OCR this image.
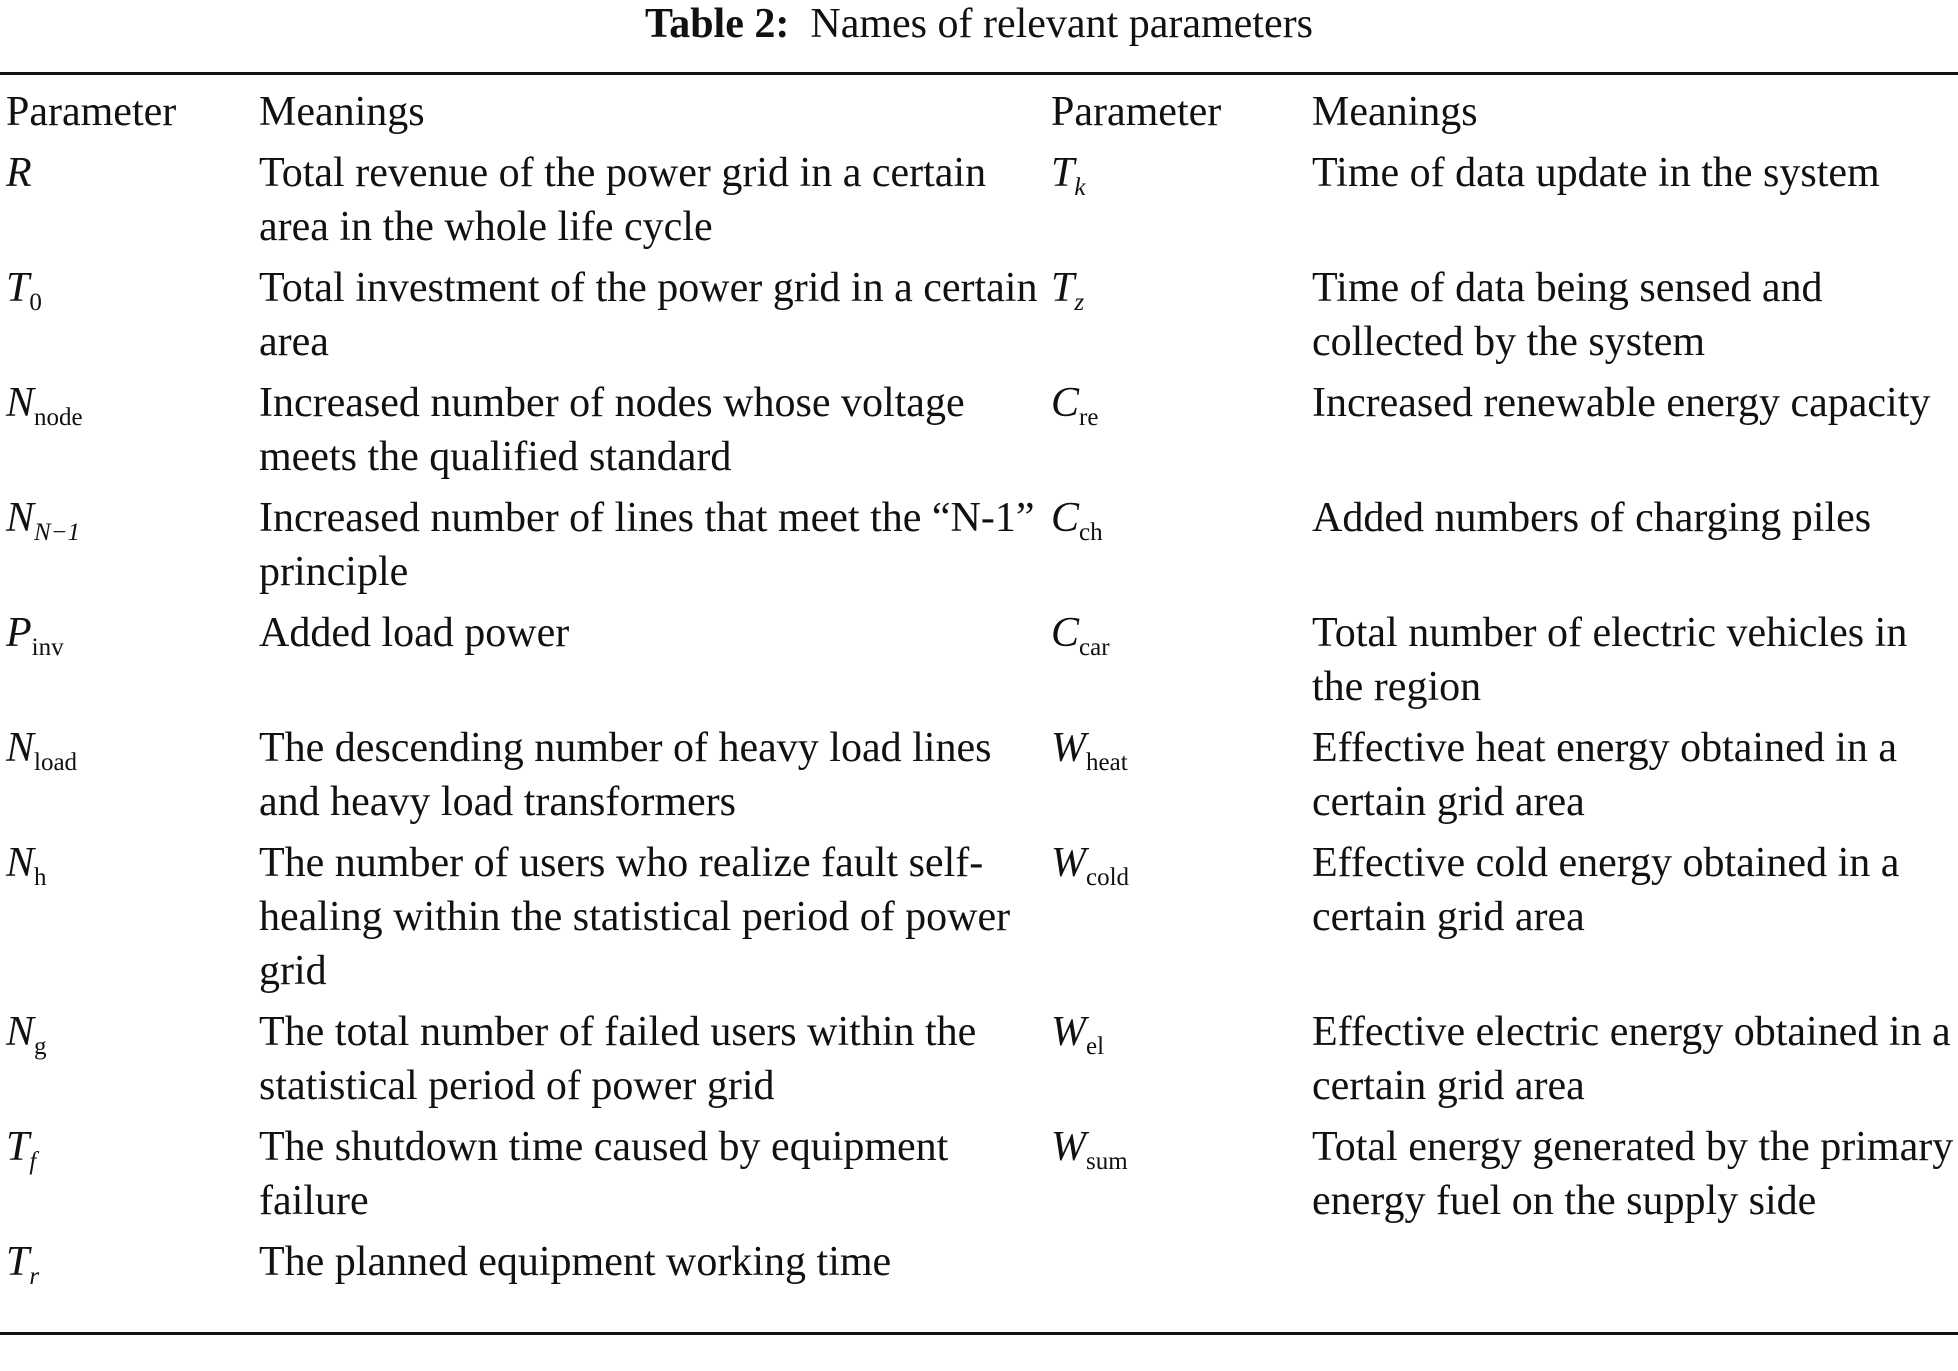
Table 2: Names of relevant parameters
Parameter	Meanings	Parameter	Meanings
R	Total revenue of the power grid in a certain area in the whole life cycle	$T_k$	Time of data update in the system
$T_0$	Total investment of the power grid in a certain area	$T_z$	Time of data being sensed and collected by the system
$N_{node}$	Increased number of nodes whose voltage meets the qualified standard	$C_{re}$	Increased renewable energy capacity
$N_{N-1}$	Increased number of lines that meet the “N-1” principle	$C_{ch}$	Added numbers of charging piles
$P_{inv}$	Added load power	$C_{car}$	Total number of electric vehicles in the region
$N_{load}$	The descending number of heavy load lines and heavy load transformers	$W_{heat}$	Effective heat energy obtained in a certain grid area
$N_h$	The number of users who realize fault self-healing within the statistical period of power grid	$W_{cold}$	Effective cold energy obtained in a certain grid area
$N_g$	The total number of failed users within the statistical period of power grid	$W_{el}$	Effective electric energy obtained in a certain grid area
$T_f$	The shutdown time caused by equipment failure	$W_{sum}$	Total energy generated by the primary energy fuel on the supply side
$T_r$	The planned equipment working time		
